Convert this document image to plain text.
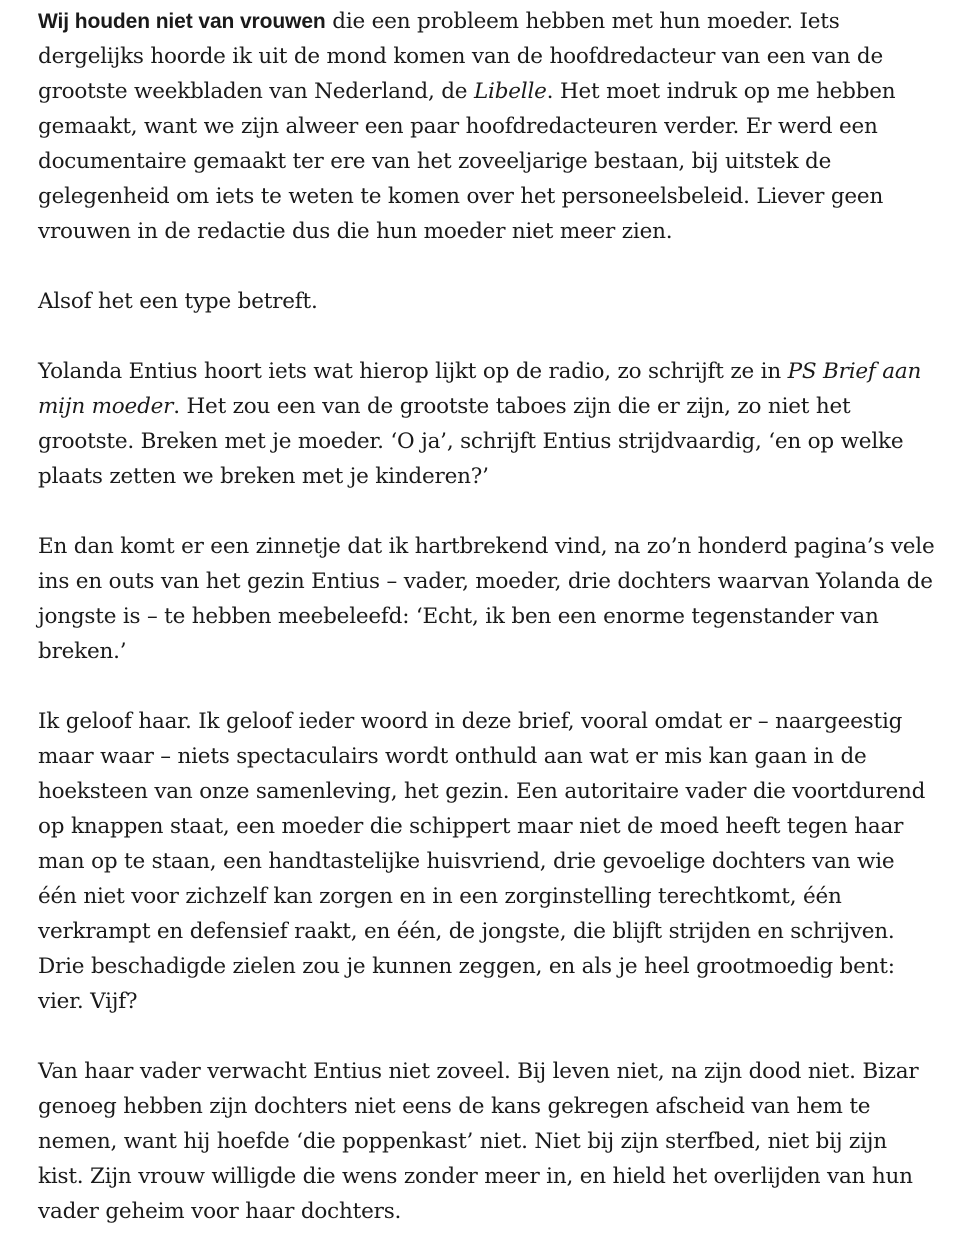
Wij houden niet van vrouwen die een probleem hebben met hun moeder. Iets dergelijks hoorde ik uit de mond komen van de hoofdredacteur van een van de grootste weekbladen van Nederland, de Libelle. Het moet indruk op me hebben gemaakt, want we zijn alweer een paar hoofdredacteuren verder. Er werd een documentaire gemaakt ter ere van het zoveeljarige bestaan, bij uitstek de gelegenheid om iets te weten te komen over het personeelsbeleid. Liever geen vrouwen in de redactie dus die hun moeder niet meer zien.

Alsof het een type betreft.

Yolanda Entius hoort iets wat hierop lijkt op de radio, zo schrijft ze in PS Brief aan mijn moeder. Het zou een van de grootste taboes zijn die er zijn, zo niet het grootste. Breken met je moeder. ‘O ja’, schrijft Entius strijdvaardig, ‘en op welke plaats zetten we breken met je kinderen?’

En dan komt er een zinnetje dat ik hartbrekend vind, na zo’n honderd pagina’s vele ins en outs van het gezin Entius – vader, moeder, drie dochters waarvan Yolanda de jongste is – te hebben meebeleefd: ‘Echt, ik ben een enorme tegenstander van breken.’

Ik geloof haar. Ik geloof ieder woord in deze brief, vooral omdat er – naargeestig maar waar – niets spectaculairs wordt onthuld aan wat er mis kan gaan in de hoeksteen van onze samenleving, het gezin. Een autoritaire vader die voortdurend op knappen staat, een moeder die schippert maar niet de moed heeft tegen haar man op te staan, een handtastelijke huisvriend, drie gevoelige dochters van wie één niet voor zichzelf kan zorgen en in een zorginstelling terechtkomt, één verkrampt en defensief raakt, en één, de jongste, die blijft strijden en schrijven. Drie beschadigde zielen zou je kunnen zeggen, en als je heel grootmoedig bent: vier. Vijf?

Van haar vader verwacht Entius niet zoveel. Bij leven niet, na zijn dood niet. Bizar genoeg hebben zijn dochters niet eens de kans gekregen afscheid van hem te nemen, want hij hoefde ‘die poppenkast’ niet. Niet bij zijn sterfbed, niet bij zijn kist. Zijn vrouw willigde die wens zonder meer in, en hield het overlijden van hun vader geheim voor haar dochters.
